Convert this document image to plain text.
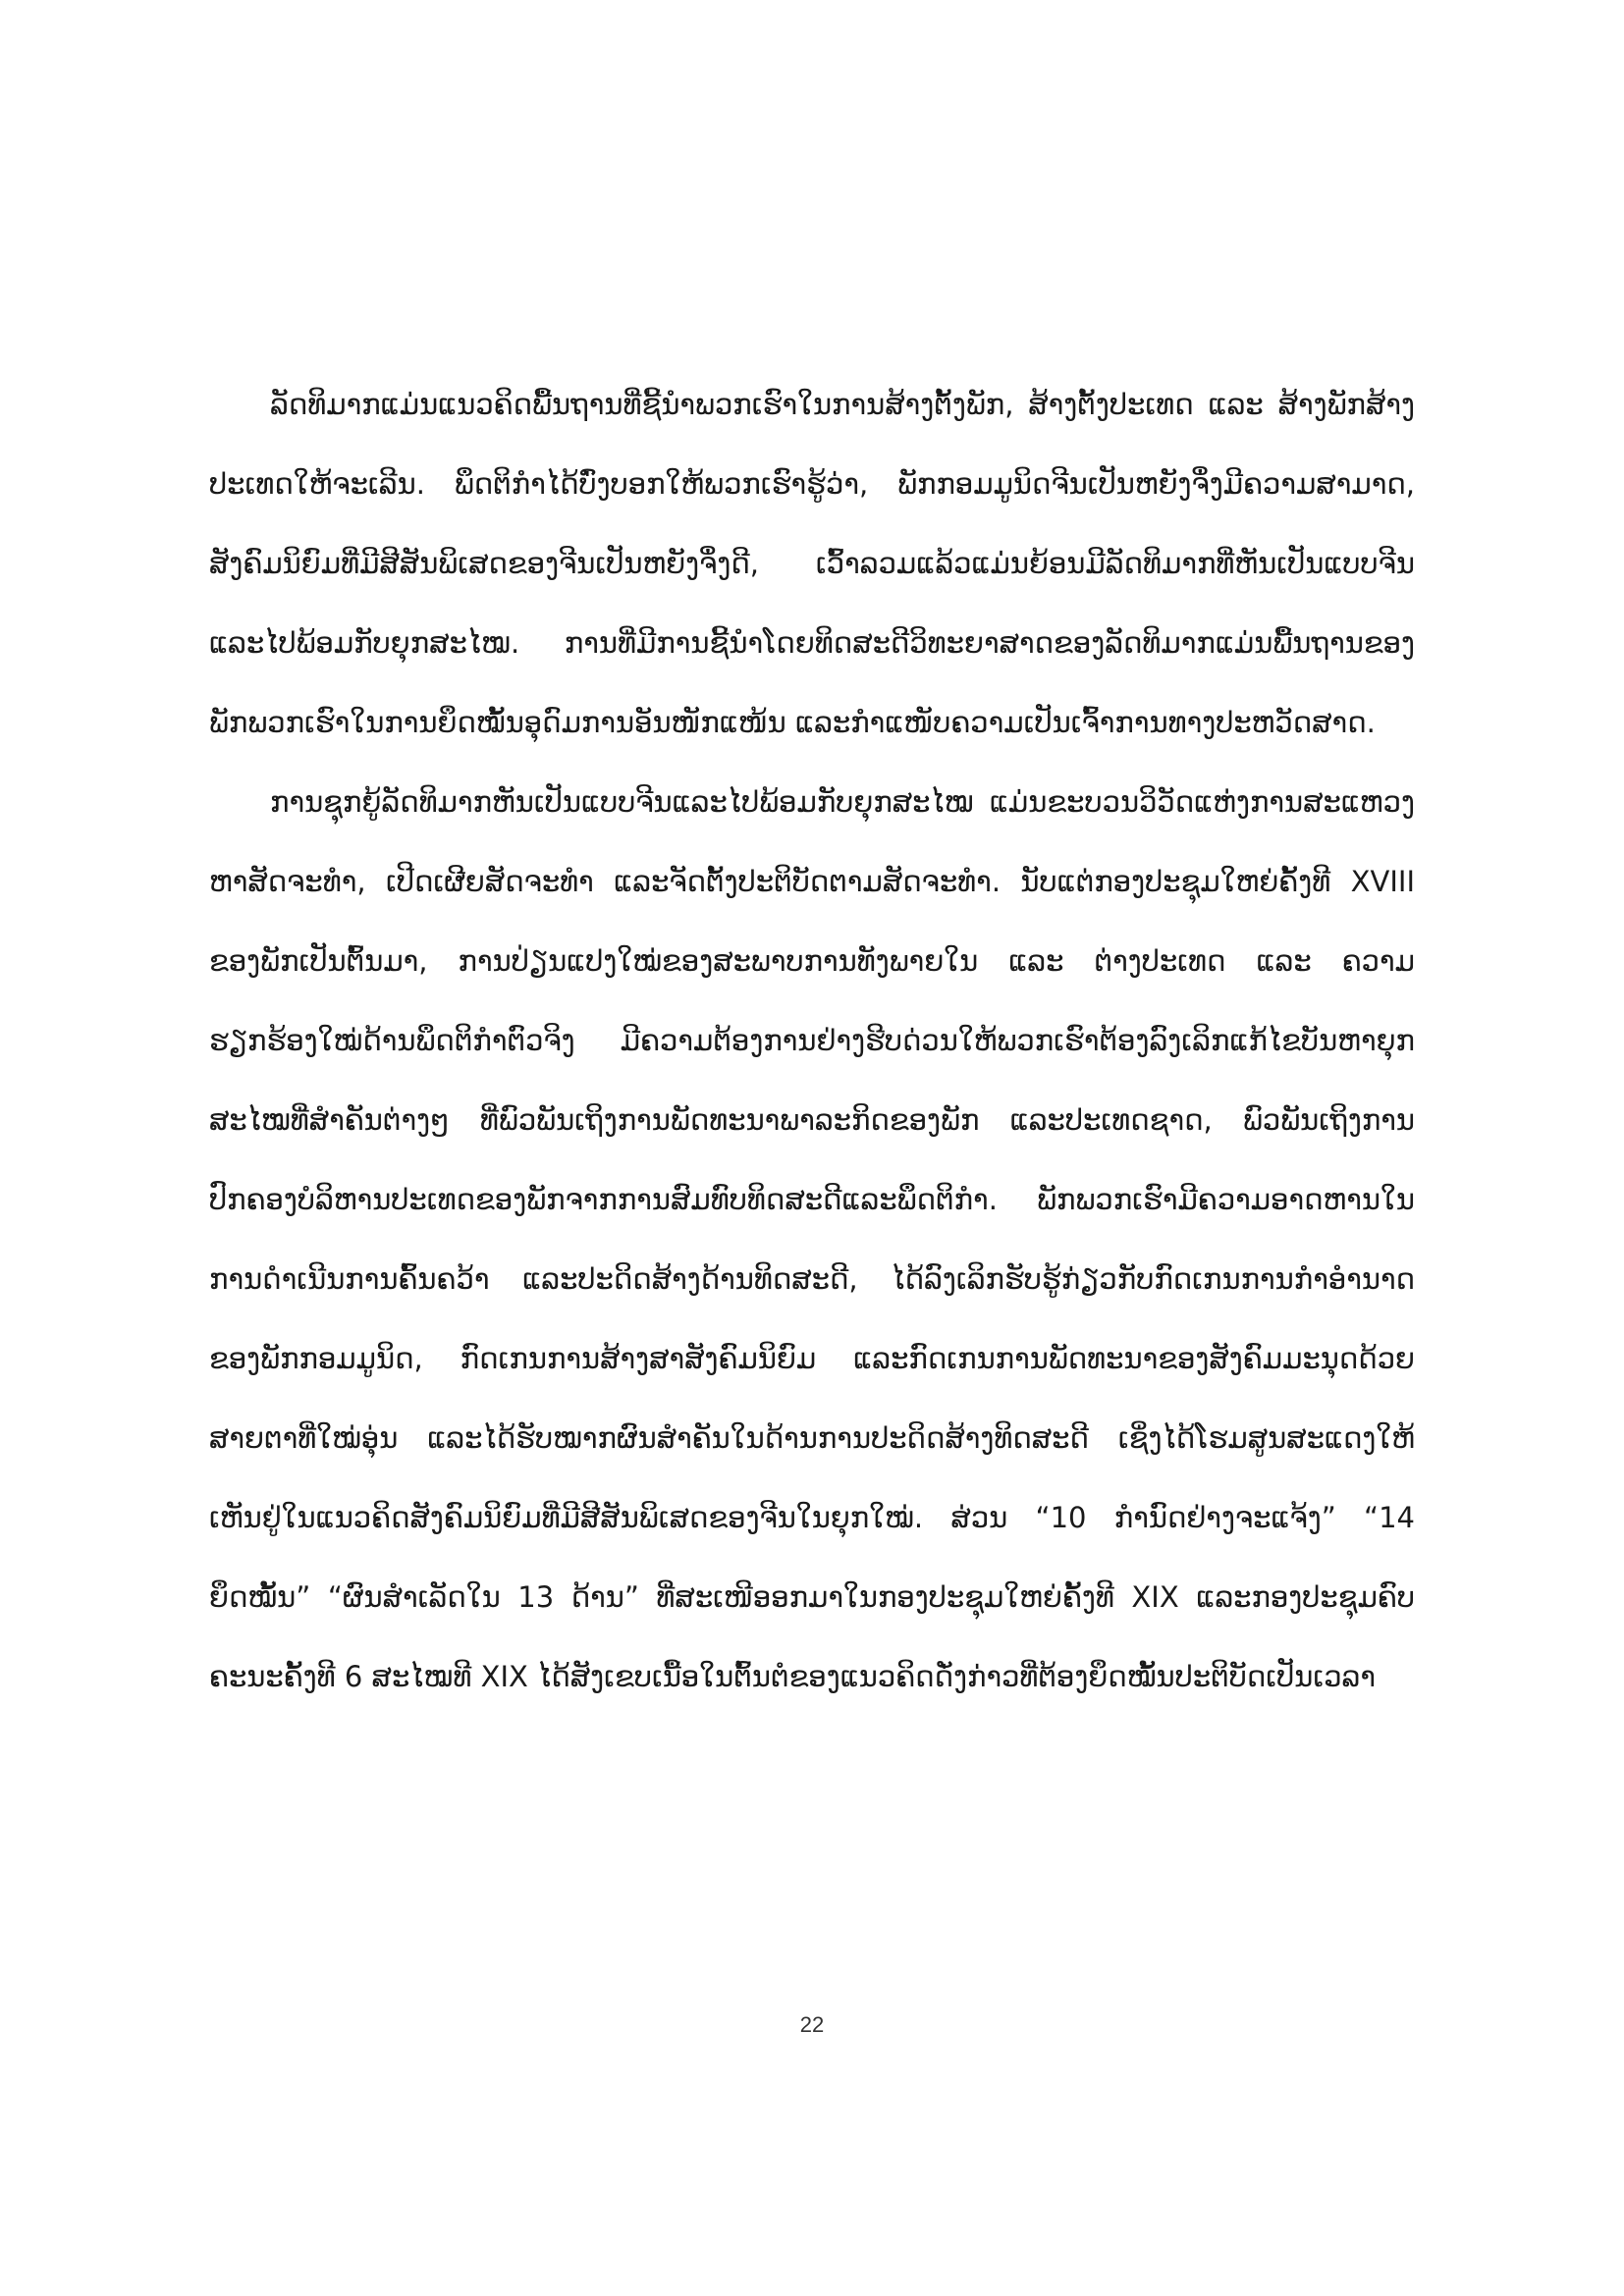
ລັດທິມາກແມ່ນແນວຄິດພື້ນຖານທີ່ຊີ້ນຳພວກເຮົາໃນການສ້າງຕັ້ງພັກ, ສ້າງຕັ້ງປະເທດ ແລະ ສ້າງພັກສ້າງປະເທດໃຫ້ຈະເລີນ. ພຶດຕິກຳໄດ້ບົ່ງບອກໃຫ້ພວກເຮົາຮູ້ວ່າ, ພັກກອມມູນິດຈີນເປັນຫຍັງຈຶ່ງມີຄວາມສາມາດ, ສັງຄົມນິຍົມທີ່ມີສີສັນພິເສດຂອງຈີນເປັນຫຍັງຈຶ່ງດີ, ເວົ້າລວມແລ້ວແມ່ນຍ້ອນມີລັດທິມາກທີ່ຫັນເປັນແບບຈີນແລະໄປພ້ອມກັບຍຸກສະໄໝ. ການທີ່ມີການຊີ້ນຳໂດຍທິດສະດີວິທະຍາສາດຂອງລັດທິມາກແມ່ນພື້ນຖານຂອງພັກພວກເຮົາໃນການຍຶດໝັ້ນອຸດົມການອັນໜັກແໜ້ນ ແລະກຳແໜັບຄວາມເປັນເຈົ້າການທາງປະຫວັດສາດ.

ການຊຸກຍູ້ລັດທິມາກຫັນເປັນແບບຈີນແລະໄປພ້ອມກັບຍຸກສະໄໝ ແມ່ນຂະບວນວິວັດແຫ່ງການສະແຫວງຫາສັດຈະທຳ, ເປີດເຜີຍສັດຈະທຳ ແລະຈັດຕັ້ງປະຕິບັດຕາມສັດຈະທຳ. ນັບແຕ່ກອງປະຊຸມໃຫຍ່ຄັ້ງທີ XVIII ຂອງພັກເປັນຕົ້ນມາ, ການປ່ຽນແປງໃໝ່ຂອງສະພາບການທັງພາຍໃນ ແລະ ຕ່າງປະເທດ ແລະ ຄວາມຮຽກຮ້ອງໃໝ່ດ້ານພຶດຕິກຳຕົວຈິງ ມີຄວາມຕ້ອງການຢ່າງຮີບດ່ວນໃຫ້ພວກເຮົາຕ້ອງລົງເລິກແກ້ໄຂບັນຫາຍຸກສະໄໝທີ່ສຳຄັນຕ່າງໆ ທີ່ພົວພັນເຖິງການພັດທະນາພາລະກິດຂອງພັກ ແລະປະເທດຊາດ, ພົວພັນເຖິງການປົກຄອງບໍລິຫານປະເທດຂອງພັກຈາກການສົມທົບທິດສະດີແລະພຶດຕິກຳ. ພັກພວກເຮົາມີຄວາມອາດຫານໃນການດຳເນີນການຄົ້ນຄວ້າ ແລະປະດິດສ້າງດ້ານທິດສະດີ, ໄດ້ລົງເລິກຮັບຮູ້ກ່ຽວກັບກົດເກນການກຳອຳນາດຂອງພັກກອມມູນິດ, ກົດເກນການສ້າງສາສັງຄົມນິຍົມ ແລະກົດເກນການພັດທະນາຂອງສັງຄົມມະນຸດດ້ວຍສາຍຕາທີ່ໃໝ່ອຸ່ນ ແລະໄດ້ຮັບໝາກຜົນສຳຄັນໃນດ້ານການປະດິດສ້າງທິດສະດີ ເຊິ່ງໄດ້ໂຮມສູນສະແດງໃຫ້ເຫັນຢູ່ໃນແນວຄິດສັງຄົມນິຍົມທີ່ມີສີສັນພິເສດຂອງຈີນໃນຍຸກໃໝ່. ສ່ວນ “10 ກຳນົດຢ່າງຈະແຈ້ງ” “14 ຍຶດໝັ້ນ” “ຜົນສຳເລັດໃນ 13 ດ້ານ” ທີ່ສະເໜີອອກມາໃນກອງປະຊຸມໃຫຍ່ຄັ້ງທີ XIX ແລະກອງປະຊຸມຄົບຄະນະຄັ້ງທີ 6 ສະໄໝທີ XIX ໄດ້ສັງເຂບເນື້ອໃນຕົ້ນຕໍຂອງແນວຄິດດັ່ງກ່າວທີ່ຕ້ອງຍຶດໝັ້ນປະຕິບັດເປັນເວລາ

22
